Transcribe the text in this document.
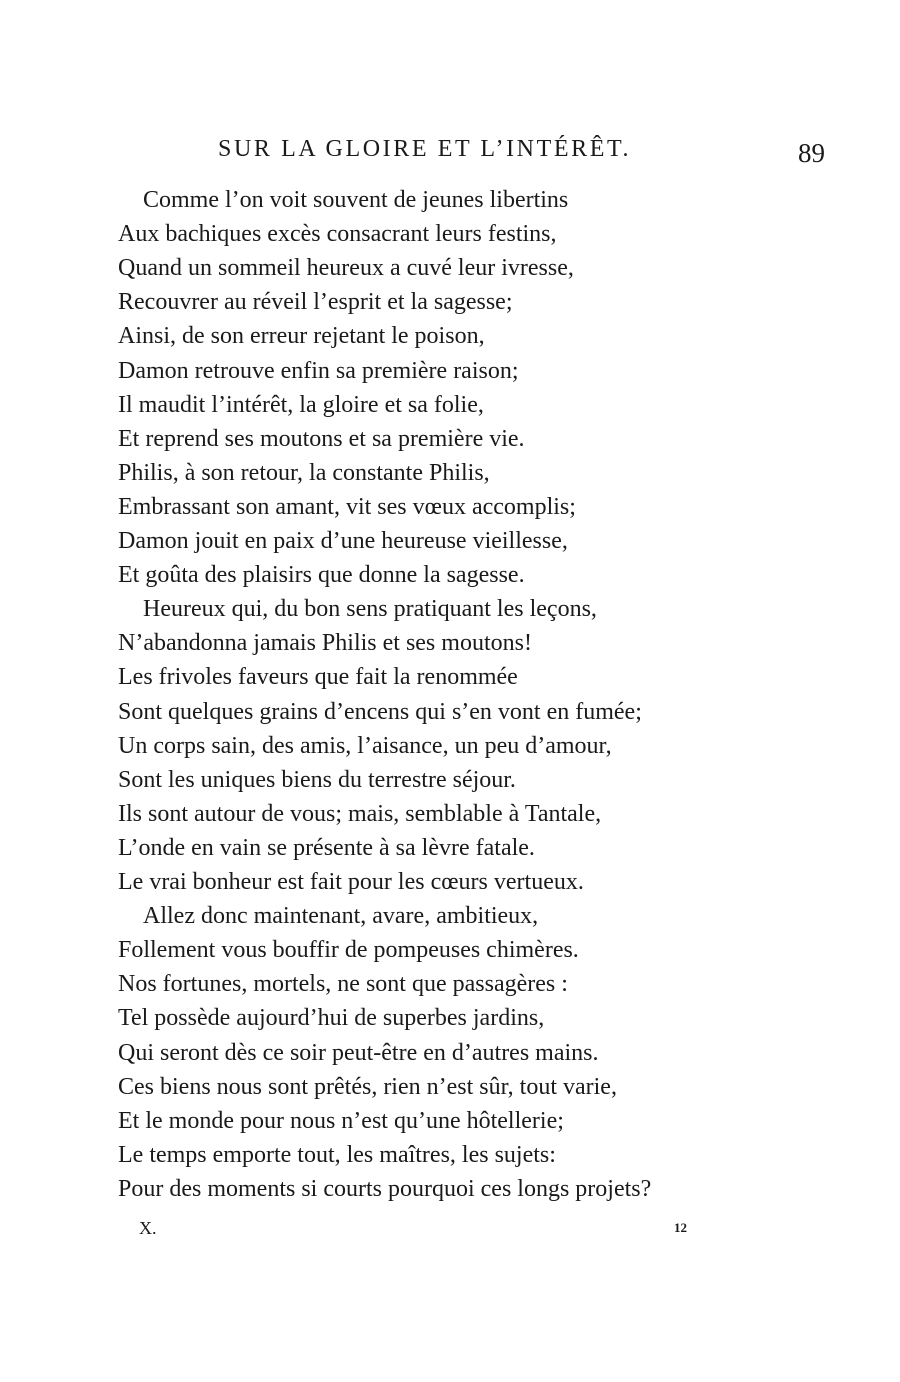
SUR LA GLOIRE ET L’INTÉRÊT.	89
Comme l’on voit souvent de jeunes libertins
Aux bachiques excès consacrant leurs festins,
Quand un sommeil heureux a cuvé leur ivresse,
Recouvrer au réveil l’esprit et la sagesse;
Ainsi, de son erreur rejetant le poison,
Damon retrouve enfin sa première raison;
Il maudit l’intérêt, la gloire et sa folie,
Et reprend ses moutons et sa première vie.
Philis, à son retour, la constante Philis,
Embrassant son amant, vit ses vœux accomplis;
Damon jouit en paix d’une heureuse vieillesse,
Et goûta des plaisirs que donne la sagesse.
Heureux qui, du bon sens pratiquant les leçons,
N’abandonna jamais Philis et ses moutons!
Les frivoles faveurs que fait la renommée
Sont quelques grains d’encens qui s’en vont en fumée;
Un corps sain, des amis, l’aisance, un peu d’amour,
Sont les uniques biens du terrestre séjour.
Ils sont autour de vous; mais, semblable à Tantale,
L’onde en vain se présente à sa lèvre fatale.
Le vrai bonheur est fait pour les cœurs vertueux.
Allez donc maintenant, avare, ambitieux,
Follement vous bouffir de pompeuses chimères.
Nos fortunes, mortels, ne sont que passagères :
Tel possède aujourd’hui de superbes jardins,
Qui seront dès ce soir peut-être en d’autres mains.
Ces biens nous sont prêtés, rien n’est sûr, tout varie,
Et le monde pour nous n’est qu’une hôtellerie;
Le temps emporte tout, les maîtres, les sujets:
Pour des moments si courts pourquoi ces longs projets?
X.	12
